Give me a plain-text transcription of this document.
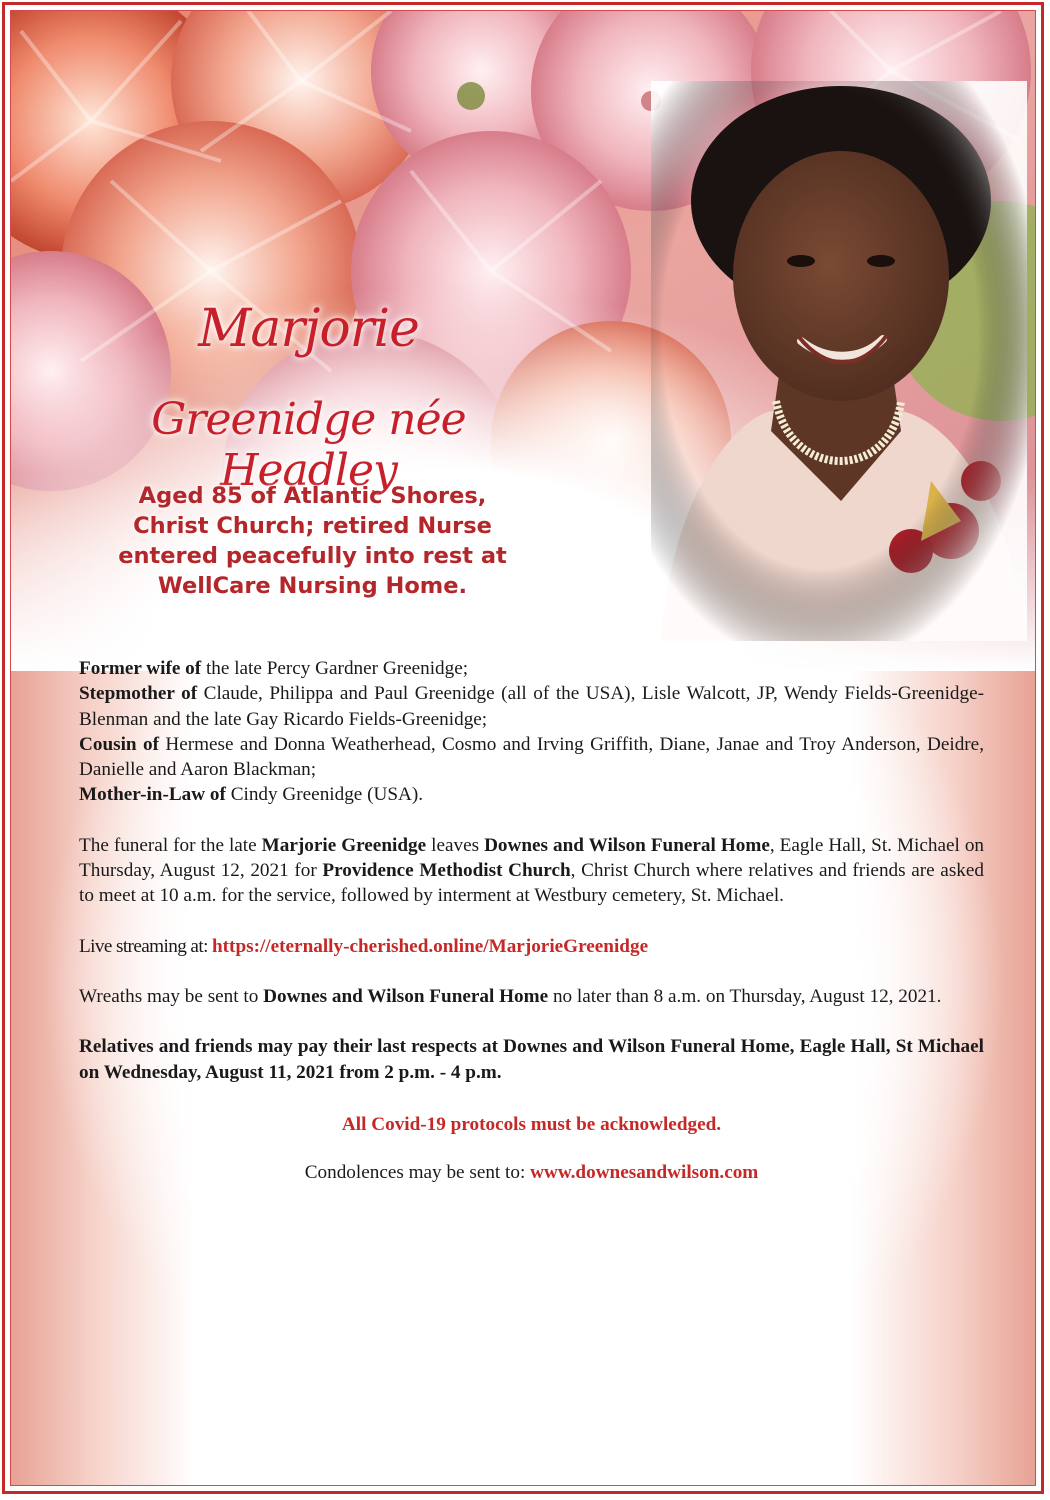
Marjorie
Greenidge née Headley
Aged 85 of Atlantic Shores,
Christ Church; retired Nurse
entered peacefully into rest at
WellCare Nursing Home.

Former wife of the late Percy Gardner Greenidge;

Stepmother of Claude, Philippa and Paul Greenidge (all of the USA), Lisle Walcott, JP, Wendy Fields-Greenidge-Blenman and the late Gay Ricardo Fields-Greenidge;

Cousin of Hermese and Donna Weatherhead, Cosmo and Irving Griffith, Diane, Janae and Troy Anderson, Deidre, Danielle and Aaron Blackman;

Mother-in-Law of Cindy Greenidge (USA).

The funeral for the late Marjorie Greenidge leaves Downes and Wilson Funeral Home, Eagle Hall, St. Michael on Thursday, August 12, 2021 for Providence Methodist Church, Christ Church where relatives and friends are asked to meet at 10 a.m. for the service, followed by interment at Westbury cemetery, St. Michael.

Live streaming at: https://eternally-cherished.online/MarjorieGreenidge

Wreaths may be sent to Downes and Wilson Funeral Home no later than 8 a.m. on Thursday, August 12, 2021.

Relatives and friends may pay their last respects at Downes and Wilson Funeral Home, Eagle Hall, St Michael on Wednesday, August 11, 2021 from 2 p.m. - 4 p.m.

All Covid-19 protocols must be acknowledged.

Condolences may be sent to: www.downesandwilson.com
